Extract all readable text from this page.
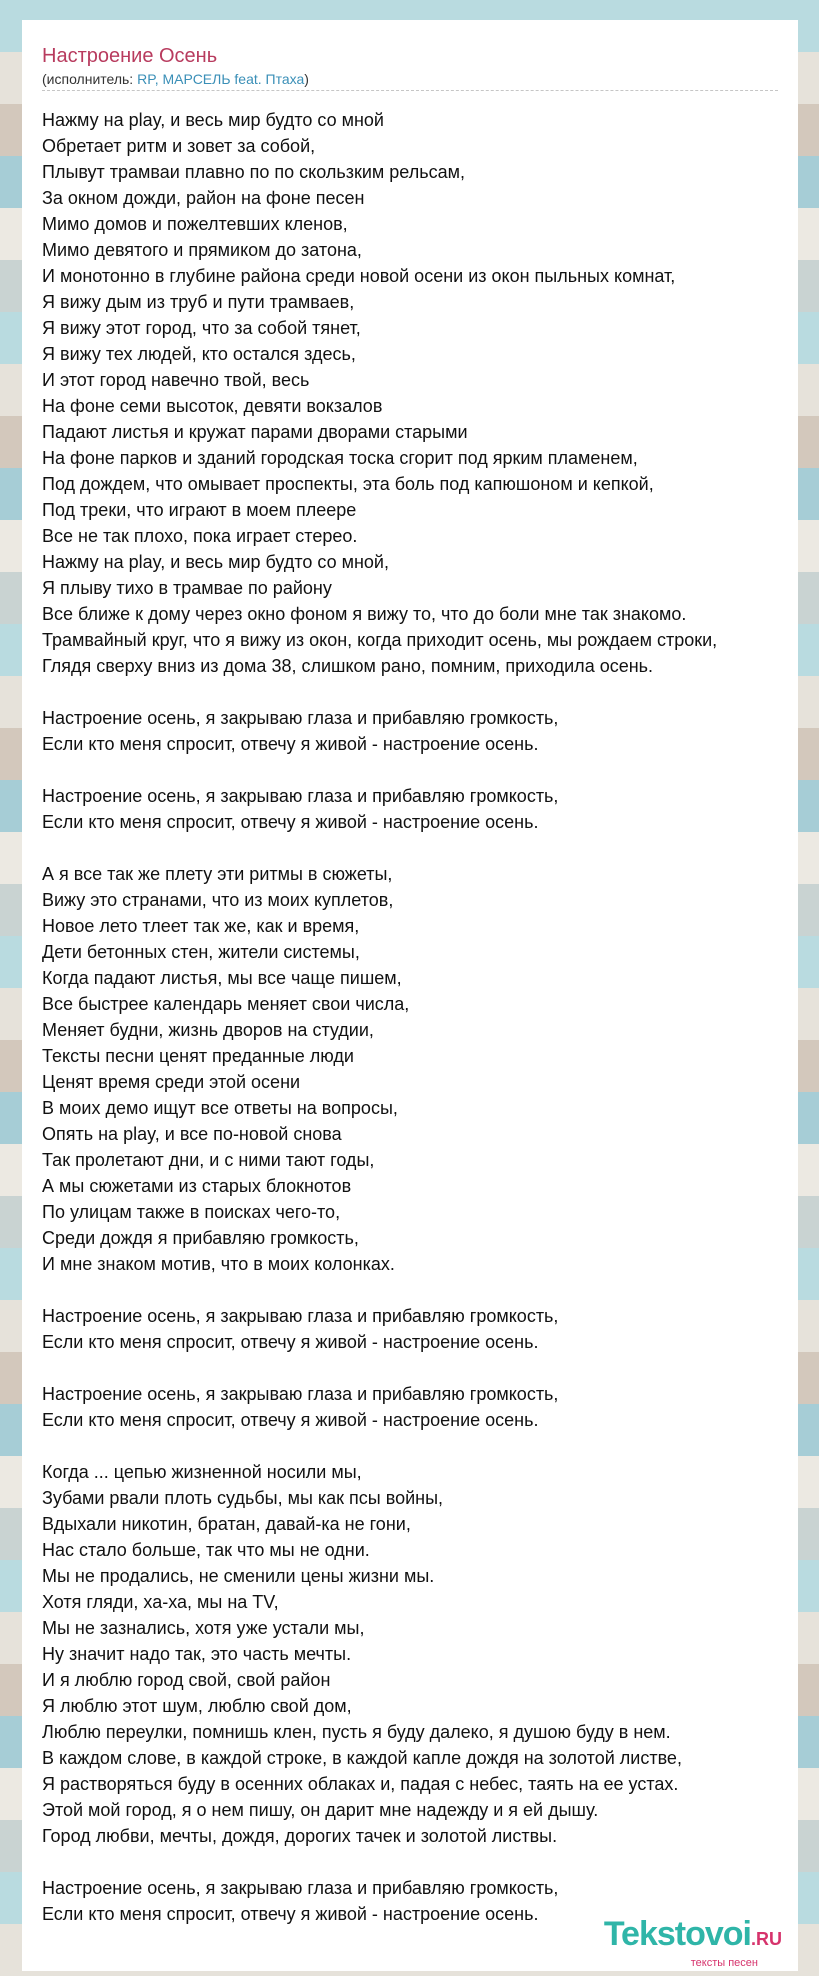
Настроение Осень
(исполнитель: RP, МАРСЕЛЬ feat. Птаха)
Нажму на play, и весь мир будто со мной
Обретает ритм и зовет за собой,
Плывут трамваи плавно по по скользким рельсам,
За окном дожди, район на фоне песен
Мимо домов и пожелтевших кленов,
Мимо девятого и прямиком до затона,
И монотонно в глубине района среди новой осени из окон пыльных комнат,
Я вижу дым из труб и пути трамваев,
Я вижу этот город, что за собой тянет,
Я вижу тех людей, кто остался здесь,
И этот город навечно твой, весь
На фоне семи высоток, девяти вокзалов
Падают листья и кружат парами дворами старыми
На фоне парков и зданий городская тоска сгорит под ярким пламенем,
Под дождем, что омывает проспекты, эта боль под капюшоном и кепкой,
Под треки, что играют в моем плеере
Все не так плохо, пока играет стерео.
Нажму на play, и весь мир будто со мной,
Я плыву тихо в трамвае по району
Все ближе к дому через окно фоном я вижу то, что до боли мне так знакомо.
Трамвайный круг, что я вижу из окон, когда приходит осень, мы рождаем строки,
Глядя сверху вниз из дома 38, слишком рано, помним, приходила осень.

Настроение осень, я закрываю глаза и прибавляю громкость,
Если кто меня спросит, отвечу я живой - настроение осень.

Настроение осень, я закрываю глаза и прибавляю громкость,
Если кто меня спросит, отвечу я живой - настроение осень.

А я все так же плету эти ритмы в сюжеты,
Вижу это странами, что из моих куплетов,
Новое лето тлеет так же, как и время,
Дети бетонных стен, жители системы,
Когда падают листья, мы все чаще пишем,
Все быстрее календарь меняет свои числа,
Меняет будни, жизнь дворов на студии,
Тексты песни ценят преданные люди
Ценят время среди этой осени
В моих демо ищут все ответы на вопросы,
Опять на play, и все по-новой снова
Так пролетают дни, и с ними тают годы,
А мы сюжетами из старых блокнотов
По улицам также в поисках чего-то,
Среди дождя я прибавляю громкость,
И мне знаком мотив, что в моих колонках.

Настроение осень, я закрываю глаза и прибавляю громкость,
Если кто меня спросит, отвечу я живой - настроение осень.

Настроение осень, я закрываю глаза и прибавляю громкость,
Если кто меня спросит, отвечу я живой - настроение осень.

Когда ... цепью жизненной носили мы,
Зубами рвали плоть судьбы, мы как псы войны,
Вдыхали никотин, братан, давай-ка не гони,
Нас стало больше, так что мы не одни.
Мы не продались, не сменили цены жизни мы.
Хотя гляди, ха-ха, мы на TV,
Мы не зазнались, хотя уже устали мы,
Ну значит надо так, это часть мечты.
И я люблю город свой, свой район
Я люблю этот шум, люблю свой дом,
Люблю переулки, помнишь клен, пусть я буду далеко, я душою буду в нем.
В каждом слове, в каждой строке, в каждой капле дождя на золотой листве,
Я растворяться буду в осенних облаках и, падая с небес, таять на ее устах.
Этой мой город, я о нем пишу, он дарит мне надежду и я ей дышу.
Город любви, мечты, дождя, дорогих тачек и золотой листвы.

Настроение осень, я закрываю глаза и прибавляю громкость,
Если кто меня спросит, отвечу я живой - настроение осень.
Tekstovoi.RU
тексты песен
